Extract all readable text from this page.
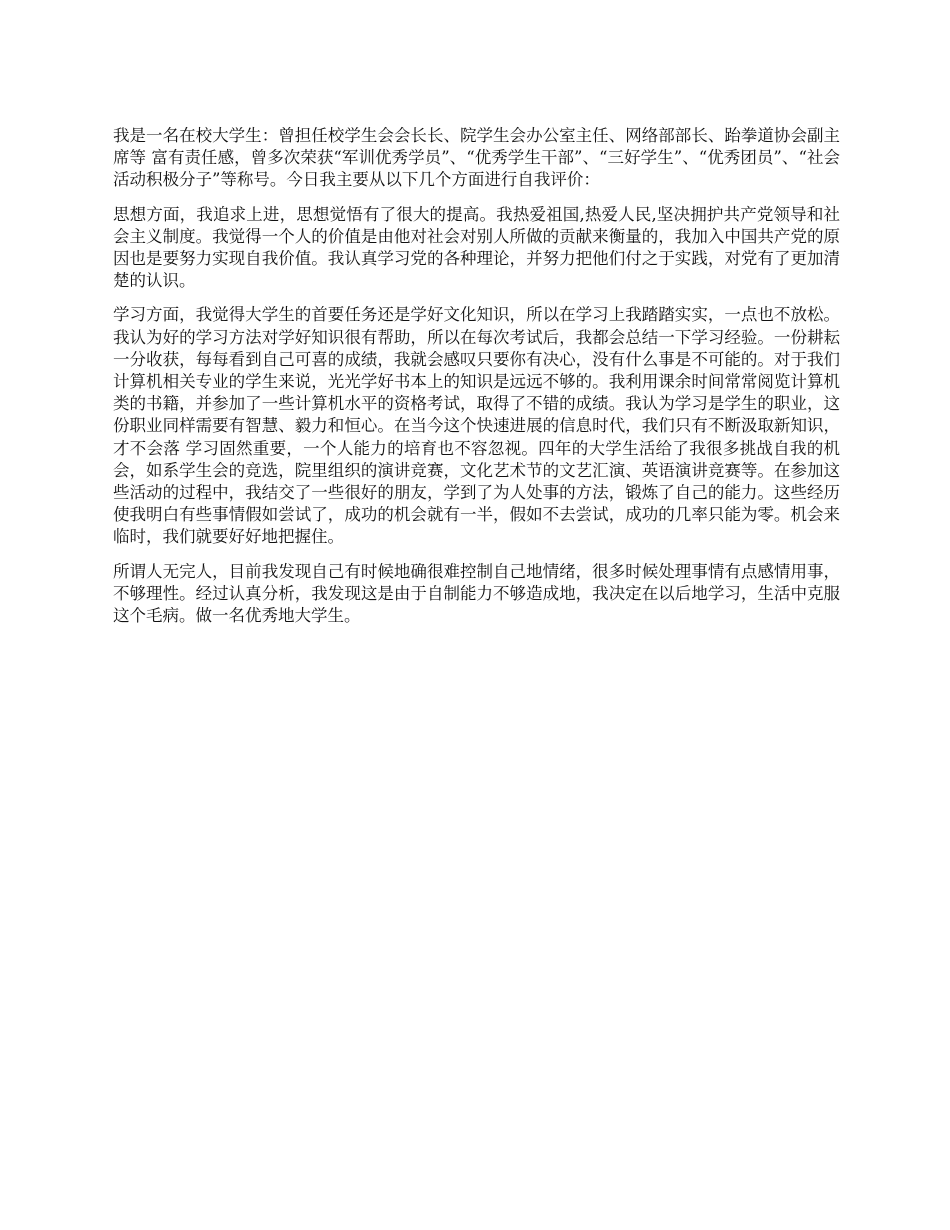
我是一名在校大学生：曾担任校学生会会长长、院学生会办公室主任、网络部部长、跆拳道协会副主席等 富有责任感，曾多次荣获“军训优秀学员”、“优秀学生干部”、“三好学生”、“优秀团员”、“社会活动积极分子”等称号。今日我主要从以下几个方面进行自我评价：

思想方面，我追求上进，思想觉悟有了很大的提高。我热爱祖国,热爱人民,坚决拥护共产党领导和社会主义制度。我觉得一个人的价值是由他对社会对别人所做的贡献来衡量的，我加入中国共产党的原因也是要努力实现自我价值。我认真学习党的各种理论，并努力把他们付之于实践，对党有了更加清楚的认识。

学习方面，我觉得大学生的首要任务还是学好文化知识，所以在学习上我踏踏实实，一点也不放松。我认为好的学习方法对学好知识很有帮助，所以在每次考试后，我都会总结一下学习经验。一份耕耘一分收获，每每看到自己可喜的成绩，我就会感叹只要你有决心，没有什么事是不可能的。对于我们计算机相关专业的学生来说，光光学好书本上的知识是远远不够的。我利用课余时间常常阅览计算机类的书籍，并参加了一些计算机水平的资格考试，取得了不错的成绩。我认为学习是学生的职业，这份职业同样需要有智慧、毅力和恒心。在当今这个快速进展的信息时代，我们只有不断汲取新知识，才不会落 学习固然重要，一个人能力的培育也不容忽视。四年的大学生活给了我很多挑战自我的机会，如系学生会的竞选，院里组织的演讲竞赛，文化艺术节的文艺汇演、英语演讲竞赛等。在参加这些活动的过程中，我结交了一些很好的朋友，学到了为人处事的方法，锻炼了自己的能力。这些经历使我明白有些事情假如尝试了，成功的机会就有一半，假如不去尝试，成功的几率只能为零。机会来临时，我们就要好好地把握住。

所谓人无完人，目前我发现自己有时候地确很难控制自己地情绪，很多时候处理事情有点感情用事，不够理性。经过认真分析，我发现这是由于自制能力不够造成地，我决定在以后地学习，生活中克服这个毛病。做一名优秀地大学生。
